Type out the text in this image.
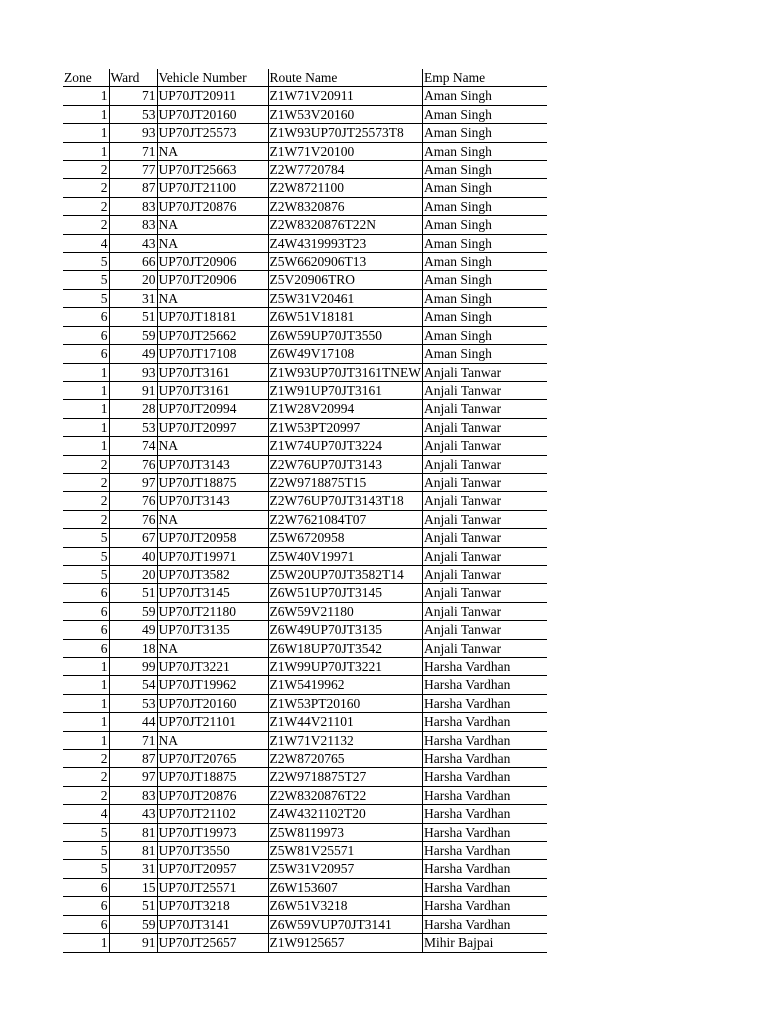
Zone	Ward	Vehicle Number	Route Name	Emp Name
1	71	UP70JT20911	Z1W71V20911	Aman Singh
1	53	UP70JT20160	Z1W53V20160	Aman Singh
1	93	UP70JT25573	Z1W93UP70JT25573T8	Aman Singh
1	71	NA	Z1W71V20100	Aman Singh
2	77	UP70JT25663	Z2W7720784	Aman Singh
2	87	UP70JT21100	Z2W8721100	Aman Singh
2	83	UP70JT20876	Z2W8320876	Aman Singh
2	83	NA	Z2W8320876T22N	Aman Singh
4	43	NA	Z4W4319993T23	Aman Singh
5	66	UP70JT20906	Z5W6620906T13	Aman Singh
5	20	UP70JT20906	Z5V20906TRO	Aman Singh
5	31	NA	Z5W31V20461	Aman Singh
6	51	UP70JT18181	Z6W51V18181	Aman Singh
6	59	UP70JT25662	Z6W59UP70JT3550	Aman Singh
6	49	UP70JT17108	Z6W49V17108	Aman Singh
1	93	UP70JT3161	Z1W93UP70JT3161TNEW	Anjali Tanwar
1	91	UP70JT3161	Z1W91UP70JT3161	Anjali Tanwar
1	28	UP70JT20994	Z1W28V20994	Anjali Tanwar
1	53	UP70JT20997	Z1W53PT20997	Anjali Tanwar
1	74	NA	Z1W74UP70JT3224	Anjali Tanwar
2	76	UP70JT3143	Z2W76UP70JT3143	Anjali Tanwar
2	97	UP70JT18875	Z2W9718875T15	Anjali Tanwar
2	76	UP70JT3143	Z2W76UP70JT3143T18	Anjali Tanwar
2	76	NA	Z2W7621084T07	Anjali Tanwar
5	67	UP70JT20958	Z5W6720958	Anjali Tanwar
5	40	UP70JT19971	Z5W40V19971	Anjali Tanwar
5	20	UP70JT3582	Z5W20UP70JT3582T14	Anjali Tanwar
6	51	UP70JT3145	Z6W51UP70JT3145	Anjali Tanwar
6	59	UP70JT21180	Z6W59V21180	Anjali Tanwar
6	49	UP70JT3135	Z6W49UP70JT3135	Anjali Tanwar
6	18	NA	Z6W18UP70JT3542	Anjali Tanwar
1	99	UP70JT3221	Z1W99UP70JT3221	Harsha Vardhan
1	54	UP70JT19962	Z1W5419962	Harsha Vardhan
1	53	UP70JT20160	Z1W53PT20160	Harsha Vardhan
1	44	UP70JT21101	Z1W44V21101	Harsha Vardhan
1	71	NA	Z1W71V21132	Harsha Vardhan
2	87	UP70JT20765	Z2W8720765	Harsha Vardhan
2	97	UP70JT18875	Z2W9718875T27	Harsha Vardhan
2	83	UP70JT20876	Z2W8320876T22	Harsha Vardhan
4	43	UP70JT21102	Z4W4321102T20	Harsha Vardhan
5	81	UP70JT19973	Z5W8119973	Harsha Vardhan
5	81	UP70JT3550	Z5W81V25571	Harsha Vardhan
5	31	UP70JT20957	Z5W31V20957	Harsha Vardhan
6	15	UP70JT25571	Z6W153607	Harsha Vardhan
6	51	UP70JT3218	Z6W51V3218	Harsha Vardhan
6	59	UP70JT3141	Z6W59VUP70JT3141	Harsha Vardhan
1	91	UP70JT25657	Z1W9125657	Mihir Bajpai
